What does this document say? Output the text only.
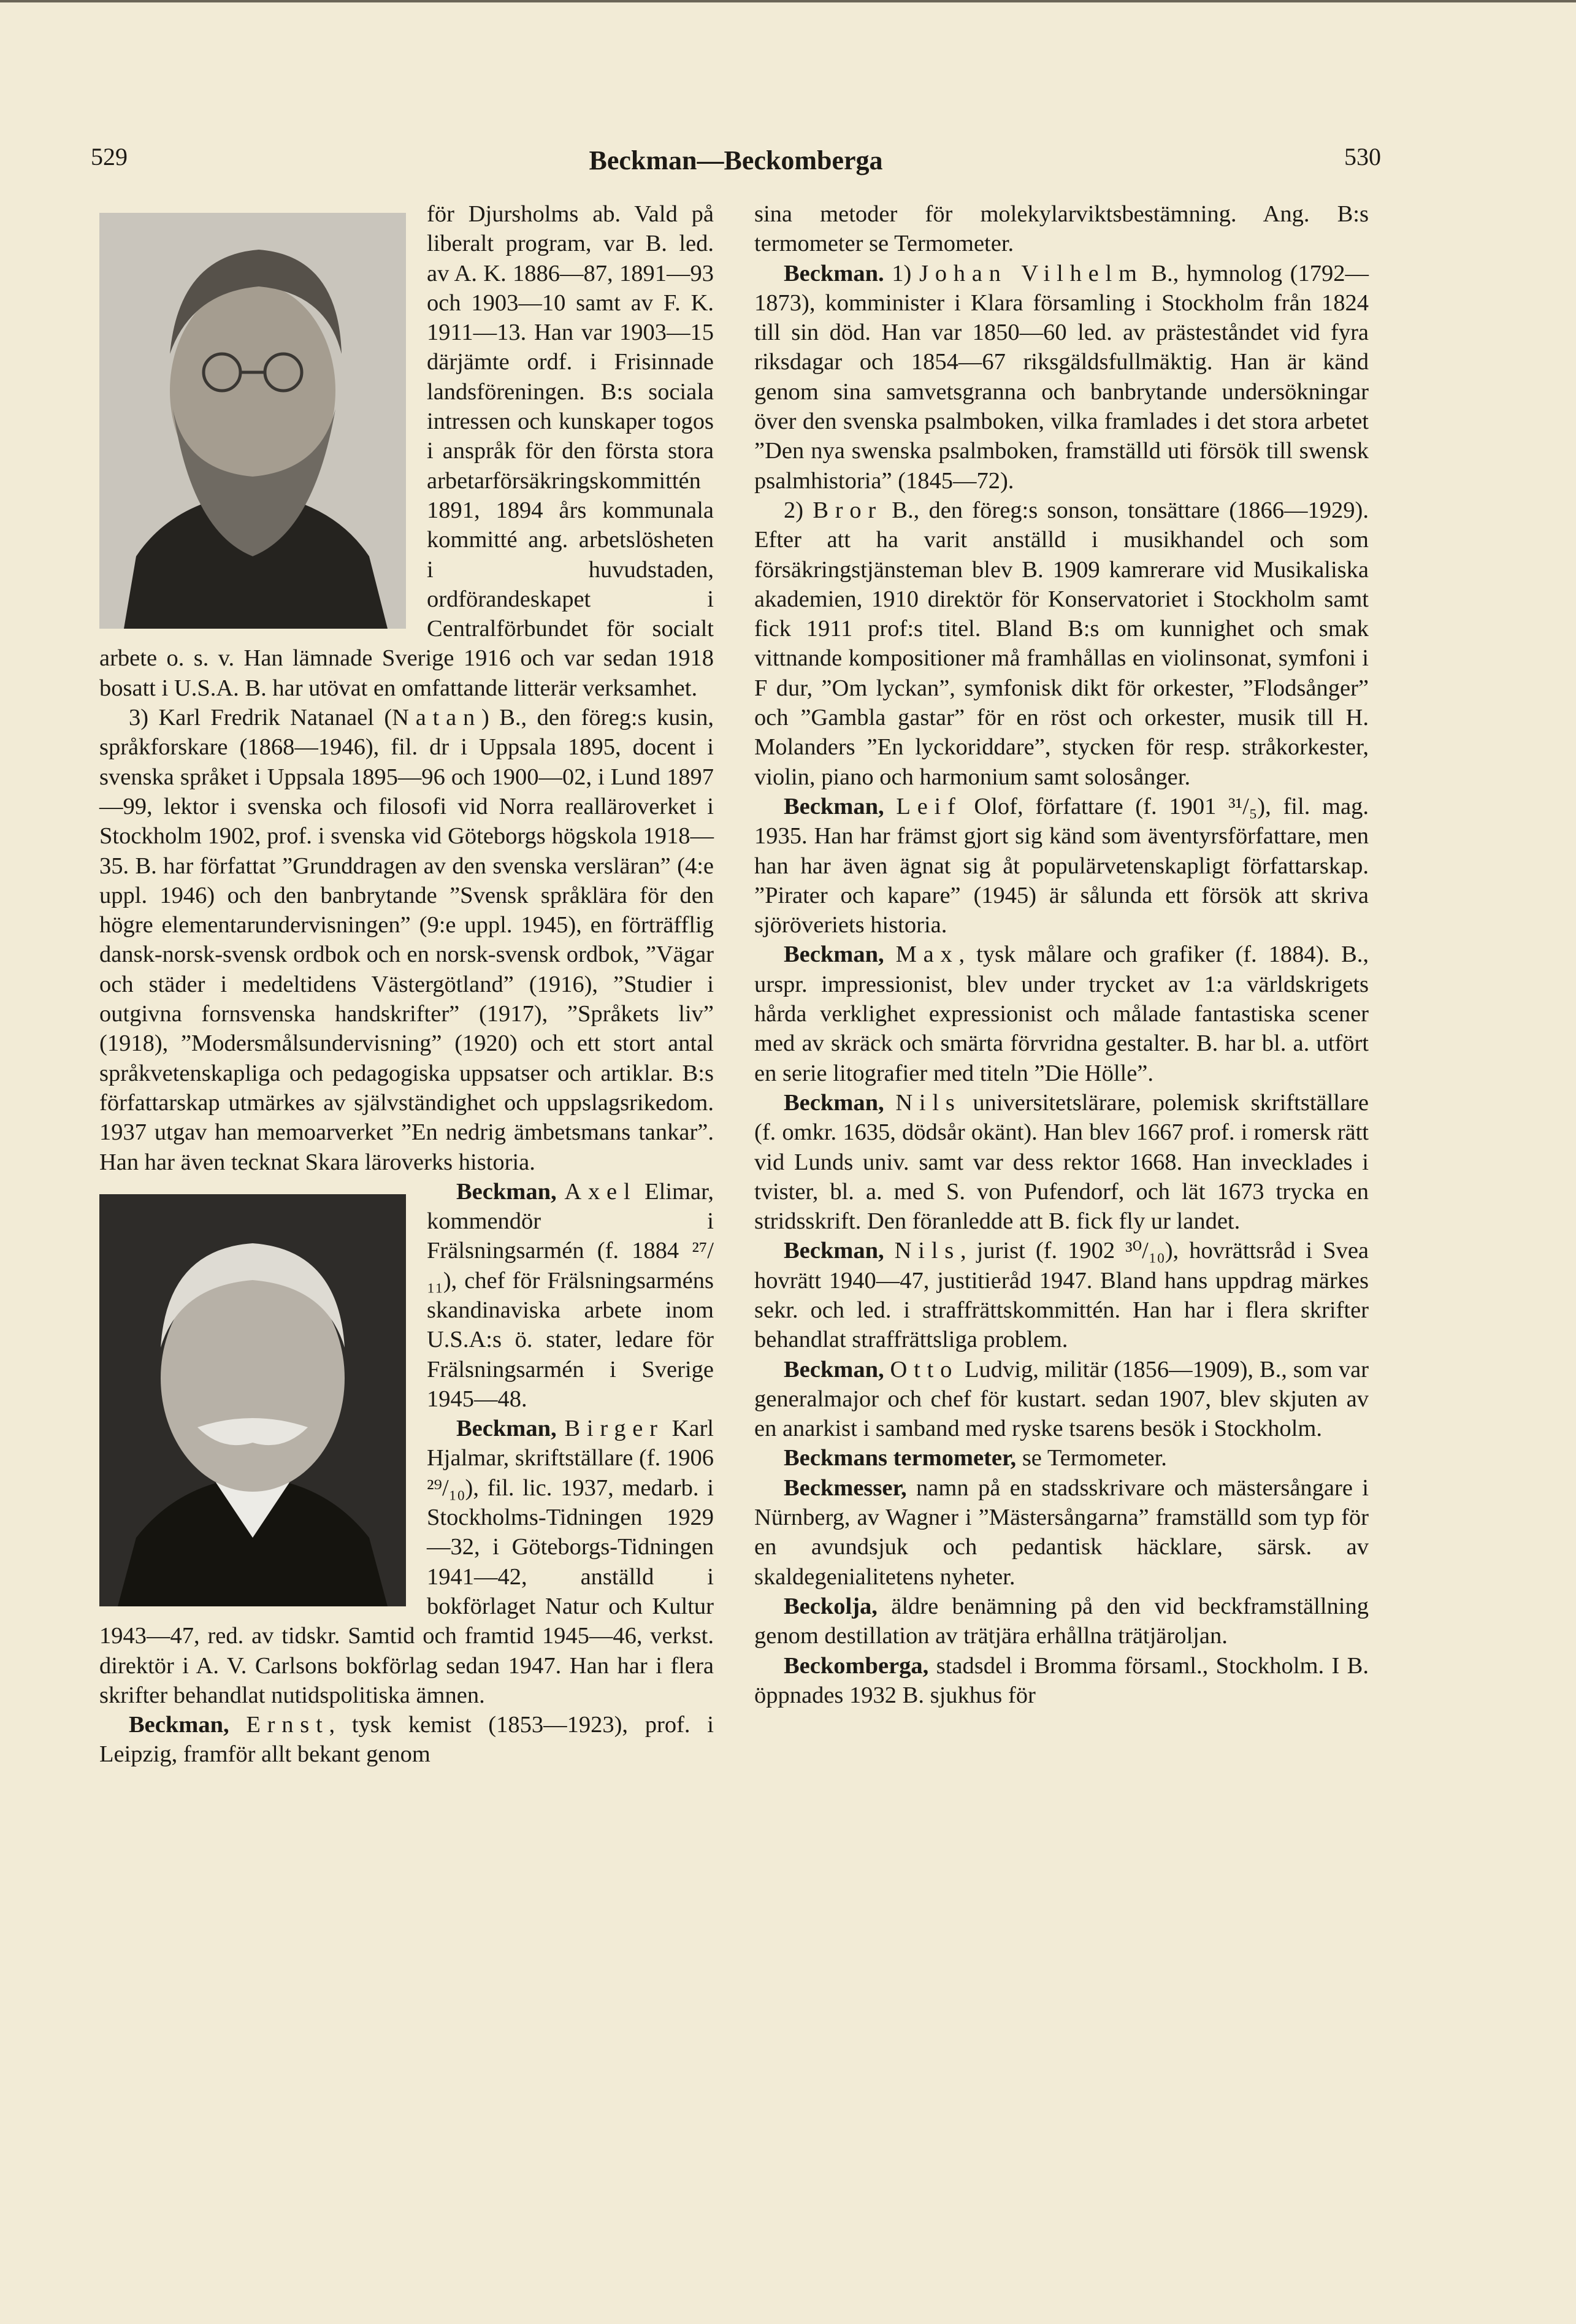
529	Beckman—Beckomberga	530

för Djursholms ab. Vald på liberalt program, var B. led. av A. K. 1886—87, 1891—93 och 1903—10 samt av F. K. 1911—13. Han var 1903—15 därjämte ordf. i Frisinnade landsföreningen. B:s sociala intressen och kunskaper togos i anspråk för den första stora arbetarförsäkringskommittén 1891, 1894 års kommunala kommitté ang. arbetslösheten i huvudstaden, ordförandeskapet i Centralförbundet för socialt arbete o. s. v. Han lämnade Sverige 1916 och var sedan 1918 bosatt i U.S.A. B. har utövat en omfattande litterär verksamhet.

3) Karl Fredrik Natanael (Natan) B., den föreg:s kusin, språkforskare (1868—1946), fil. dr i Uppsala 1895, docent i svenska språket i Uppsala 1895—96 och 1900—02, i Lund 1897—99, lektor i svenska och filosofi vid Norra realläroverket i Stockholm 1902, prof. i svenska vid Göteborgs högskola 1918—35. B. har författat ”Grunddragen av den svenska versläran” (4:e uppl. 1946) och den banbrytande ”Svensk språklära för den högre elementarundervisningen” (9:e uppl. 1945), en förträfflig dansk-norsk-svensk ordbok och en norsk-svensk ordbok, ”Vägar och städer i medeltidens Västergötland” (1916), ”Studier i outgivna fornsvenska handskrifter” (1917), ”Språkets liv” (1918), ”Modersmålsundervisning” (1920) och ett stort antal språkvetenskapliga och pedagogiska uppsatser och artiklar. B:s författarskap utmärkes av självständighet och uppslagsrikedom. 1937 utgav han memoarverket ”En nedrig ämbetsmans tankar”. Han har även tecknat Skara läroverks historia.

Beckman, Axel Elimar, kommendör i Frälsningsarmén (f. 1884 ²⁷/₁₁), chef för Frälsningsarméns skandinaviska arbete inom U.S.A:s ö. stater, ledare för Frälsningsarmén i Sverige 1945—48.

Beckman, Birger Karl Hjalmar, skriftställare (f. 1906 ²⁹/₁₀), fil. lic. 1937, medarb. i Stockholms-Tidningen 1929—32, i Göteborgs-Tidningen 1941—42, anställd i bokförlaget Natur och Kultur 1943—47, red. av tidskr. Samtid och framtid 1945—46, verkst. direktör i A. V. Carlsons bokförlag sedan 1947. Han har i flera skrifter behandlat nutidspolitiska ämnen.

Beckman, Ernst, tysk kemist (1853—1923), prof. i Leipzig, framför allt bekant genom

sina metoder för molekylarviktsbestämning. Ang. B:s termometer se Termometer.

Beckman. 1) Johan Vilhelm B., hymnolog (1792—1873), komminister i Klara församling i Stockholm från 1824 till sin död. Han var 1850—60 led. av prästeståndet vid fyra riksdagar och 1854—67 riksgäldsfullmäktig. Han är känd genom sina samvetsgranna och banbrytande undersökningar över den svenska psalmboken, vilka framlades i det stora arbetet ”Den nya swenska psalmboken, framställd uti försök till swensk psalmhistoria” (1845—72).

2) Bror B., den föreg:s sonson, tonsättare (1866—1929). Efter att ha varit anställd i musikhandel och som försäkringstjänsteman blev B. 1909 kamrerare vid Musikaliska akademien, 1910 direktör för Konservatoriet i Stockholm samt fick 1911 prof:s titel. Bland B:s om kunnighet och smak vittnande kompositioner må framhållas en violinsonat, symfoni i F dur, ”Om lyckan”, symfonisk dikt för orkester, ”Flodsånger” och ”Gambla gastar” för en röst och orkester, musik till H. Molanders ”En lyckoriddare”, stycken för resp. stråkorkester, violin, piano och harmonium samt solosånger.

Beckman, Leif Olof, författare (f. 1901 ³¹/₅), fil. mag. 1935. Han har främst gjort sig känd som äventyrsförfattare, men han har även ägnat sig åt populärvetenskapligt författarskap. ”Pirater och kapare” (1945) är sålunda ett försök att skriva sjöröveriets historia.

Beckman, Max, tysk målare och grafiker (f. 1884). B., urspr. impressionist, blev under trycket av 1:a världskrigets hårda verklighet expressionist och målade fantastiska scener med av skräck och smärta förvridna gestalter. B. har bl. a. utfört en serie litografier med titeln ”Die Hölle”.

Beckman, Nils universitetslärare, polemisk skriftställare (f. omkr. 1635, dödsår okänt). Han blev 1667 prof. i romersk rätt vid Lunds univ. samt var dess rektor 1668. Han invecklades i tvister, bl. a. med S. von Pufendorf, och lät 1673 trycka en stridsskrift. Den föranledde att B. fick fly ur landet.

Beckman, Nils, jurist (f. 1902 ³⁰/₁₀), hovrättsråd i Svea hovrätt 1940—47, justitieråd 1947. Bland hans uppdrag märkes sekr. och led. i straffrättskommittén. Han har i flera skrifter behandlat straffrättsliga problem.

Beckman, Otto Ludvig, militär (1856—1909), B., som var generalmajor och chef för kustart. sedan 1907, blev skjuten av en anarkist i samband med ryske tsarens besök i Stockholm.

Beckmans termometer, se Termometer.

Beckmesser, namn på en stadsskrivare och mästersångare i Nürnberg, av Wagner i ”Mästersångarna” framställd som typ för en avundsjuk och pedantisk häcklare, särsk. av skaldegenialitetens nyheter.

Beckolja, äldre benämning på den vid beckframställning genom destillation av trätjära erhållna trätjäroljan.

Beckomberga, stadsdel i Bromma församl., Stockholm. I B. öppnades 1932 B. sjukhus för
